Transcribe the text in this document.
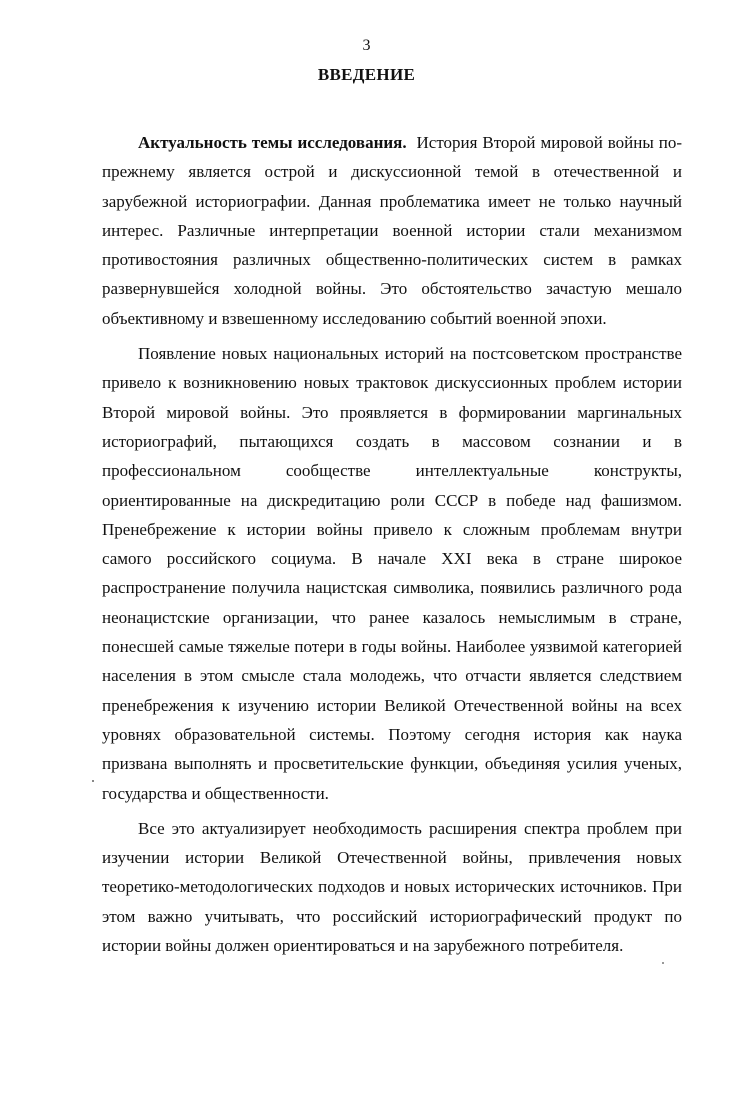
3
ВВЕДЕНИЕ

Актуальность темы исследования. История Второй мировой войны по-прежнему является острой и дискуссионной темой в отечественной и зарубежной историографии. Данная проблематика имеет не только научный интерес. Различные интерпретации военной истории стали механизмом противостояния различных общественно-политических систем в рамках развернувшейся холодной войны. Это обстоятельство зачастую мешало объективному и взвешенному исследованию событий военной эпохи.

Появление новых национальных историй на постсоветском пространстве привело к возникновению новых трактовок дискуссионных проблем истории Второй мировой войны. Это проявляется в формировании маргинальных историографий, пытающихся создать в массовом сознании и в профессиональном сообществе интеллектуальные конструкты, ориентированные на дискредитацию роли СССР в победе над фашизмом. Пренебрежение к истории войны привело к сложным проблемам внутри самого российского социума. В начале XXI века в стране широкое распространение получила нацистская символика, появились различного рода неонацистские организации, что ранее казалось немыслимым в стране, понесшей самые тяжелые потери в годы войны. Наиболее уязвимой категорией населения в этом смысле стала молодежь, что отчасти является следствием пренебрежения к изучению истории Великой Отечественной войны на всех уровнях образовательной системы. Поэтому сегодня история как наука призвана выполнять и просветительские функции, объединяя усилия ученых, государства и общественности.

Все это актуализирует необходимость расширения спектра проблем при изучении истории Великой Отечественной войны, привлечения новых теоретико-методологических подходов и новых исторических источников. При этом важно учитывать, что российский историографический продукт по истории войны должен ориентироваться и на зарубежного потребителя.
